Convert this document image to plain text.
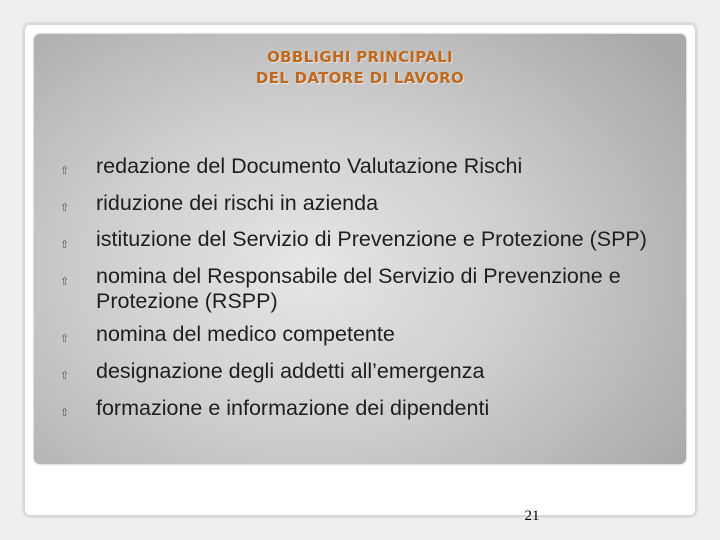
OBBLIGHI PRINCIPALI
DEL DATORE DI LAVORO
⇧	redazione del Documento Valutazione Rischi
⇧	riduzione dei rischi in azienda
⇧	istituzione del Servizio di Prevenzione e Protezione (SPP)
⇧	nomina del Responsabile del Servizio di Prevenzione e Protezione (RSPP)
⇧	nomina del medico competente
⇧	designazione degli addetti all’emergenza
⇧	formazione e informazione dei dipendenti
21
